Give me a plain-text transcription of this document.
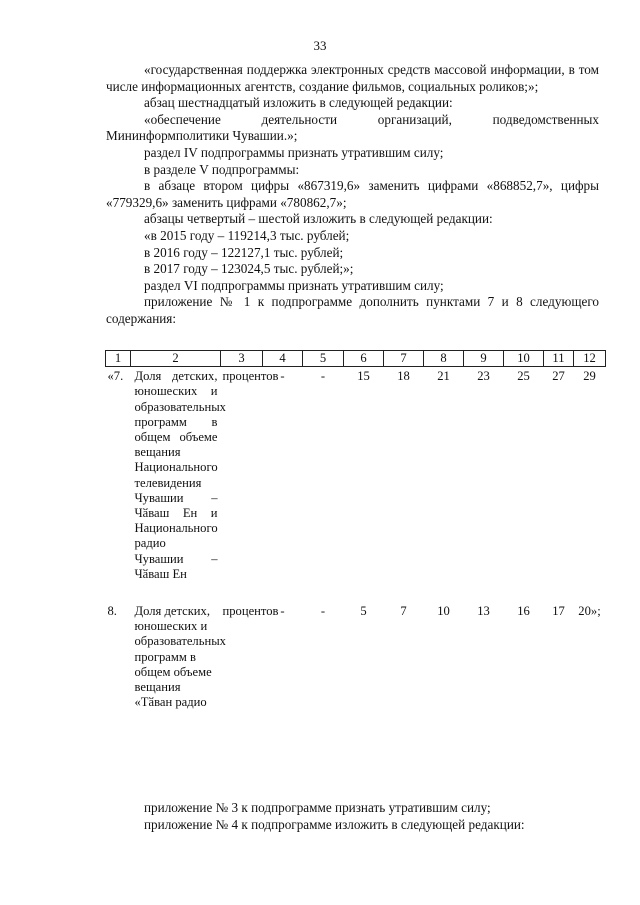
33

«государственная поддержка электронных средств массовой информации, в том числе информационных агентств, создание фильмов, социальных роликов;»;

абзац шестнадцатый изложить в следующей редакции:

«обеспечение деятельности организаций, подведомственных Мининформполитики Чувашии.»;

раздел IV подпрограммы признать утратившим силу;

в разделе V подпрограммы:

в абзаце втором цифры «867319,6» заменить цифрами «868852,7», цифры «779329,6» заменить цифрами «780862,7»;

абзацы четвертый – шестой изложить в следующей редакции:

«в 2015 году – 119214,3 тыс. рублей;

в 2016 году – 122127,1 тыс. рублей;

в 2017 году – 123024,5 тыс. рублей;»;

раздел VI подпрограммы признать утратившим силу;

приложение № 1 к подпрограмме дополнить пунктами 7 и 8 следующего содержания:

1	2	3	4	5	6	7	8	9	10	11	12
«7.	Доля детских, юношеских и образовательных программ в общем объеме вещания Национального телевидения Чувашии – Чӑваш Ен и Национального радио Чувашии – Чӑваш Ен	процентов	-	-	15	18	21	23	25	27	29
8.	Доля детских, юношеских и образовательных программ в общем объеме вещания «Тӑван радио	процентов	-	-	5	7	10	13	16	17	20»;

приложение № 3 к подпрограмме признать утратившим силу;

приложение № 4 к подпрограмме изложить в следующей редакции:
